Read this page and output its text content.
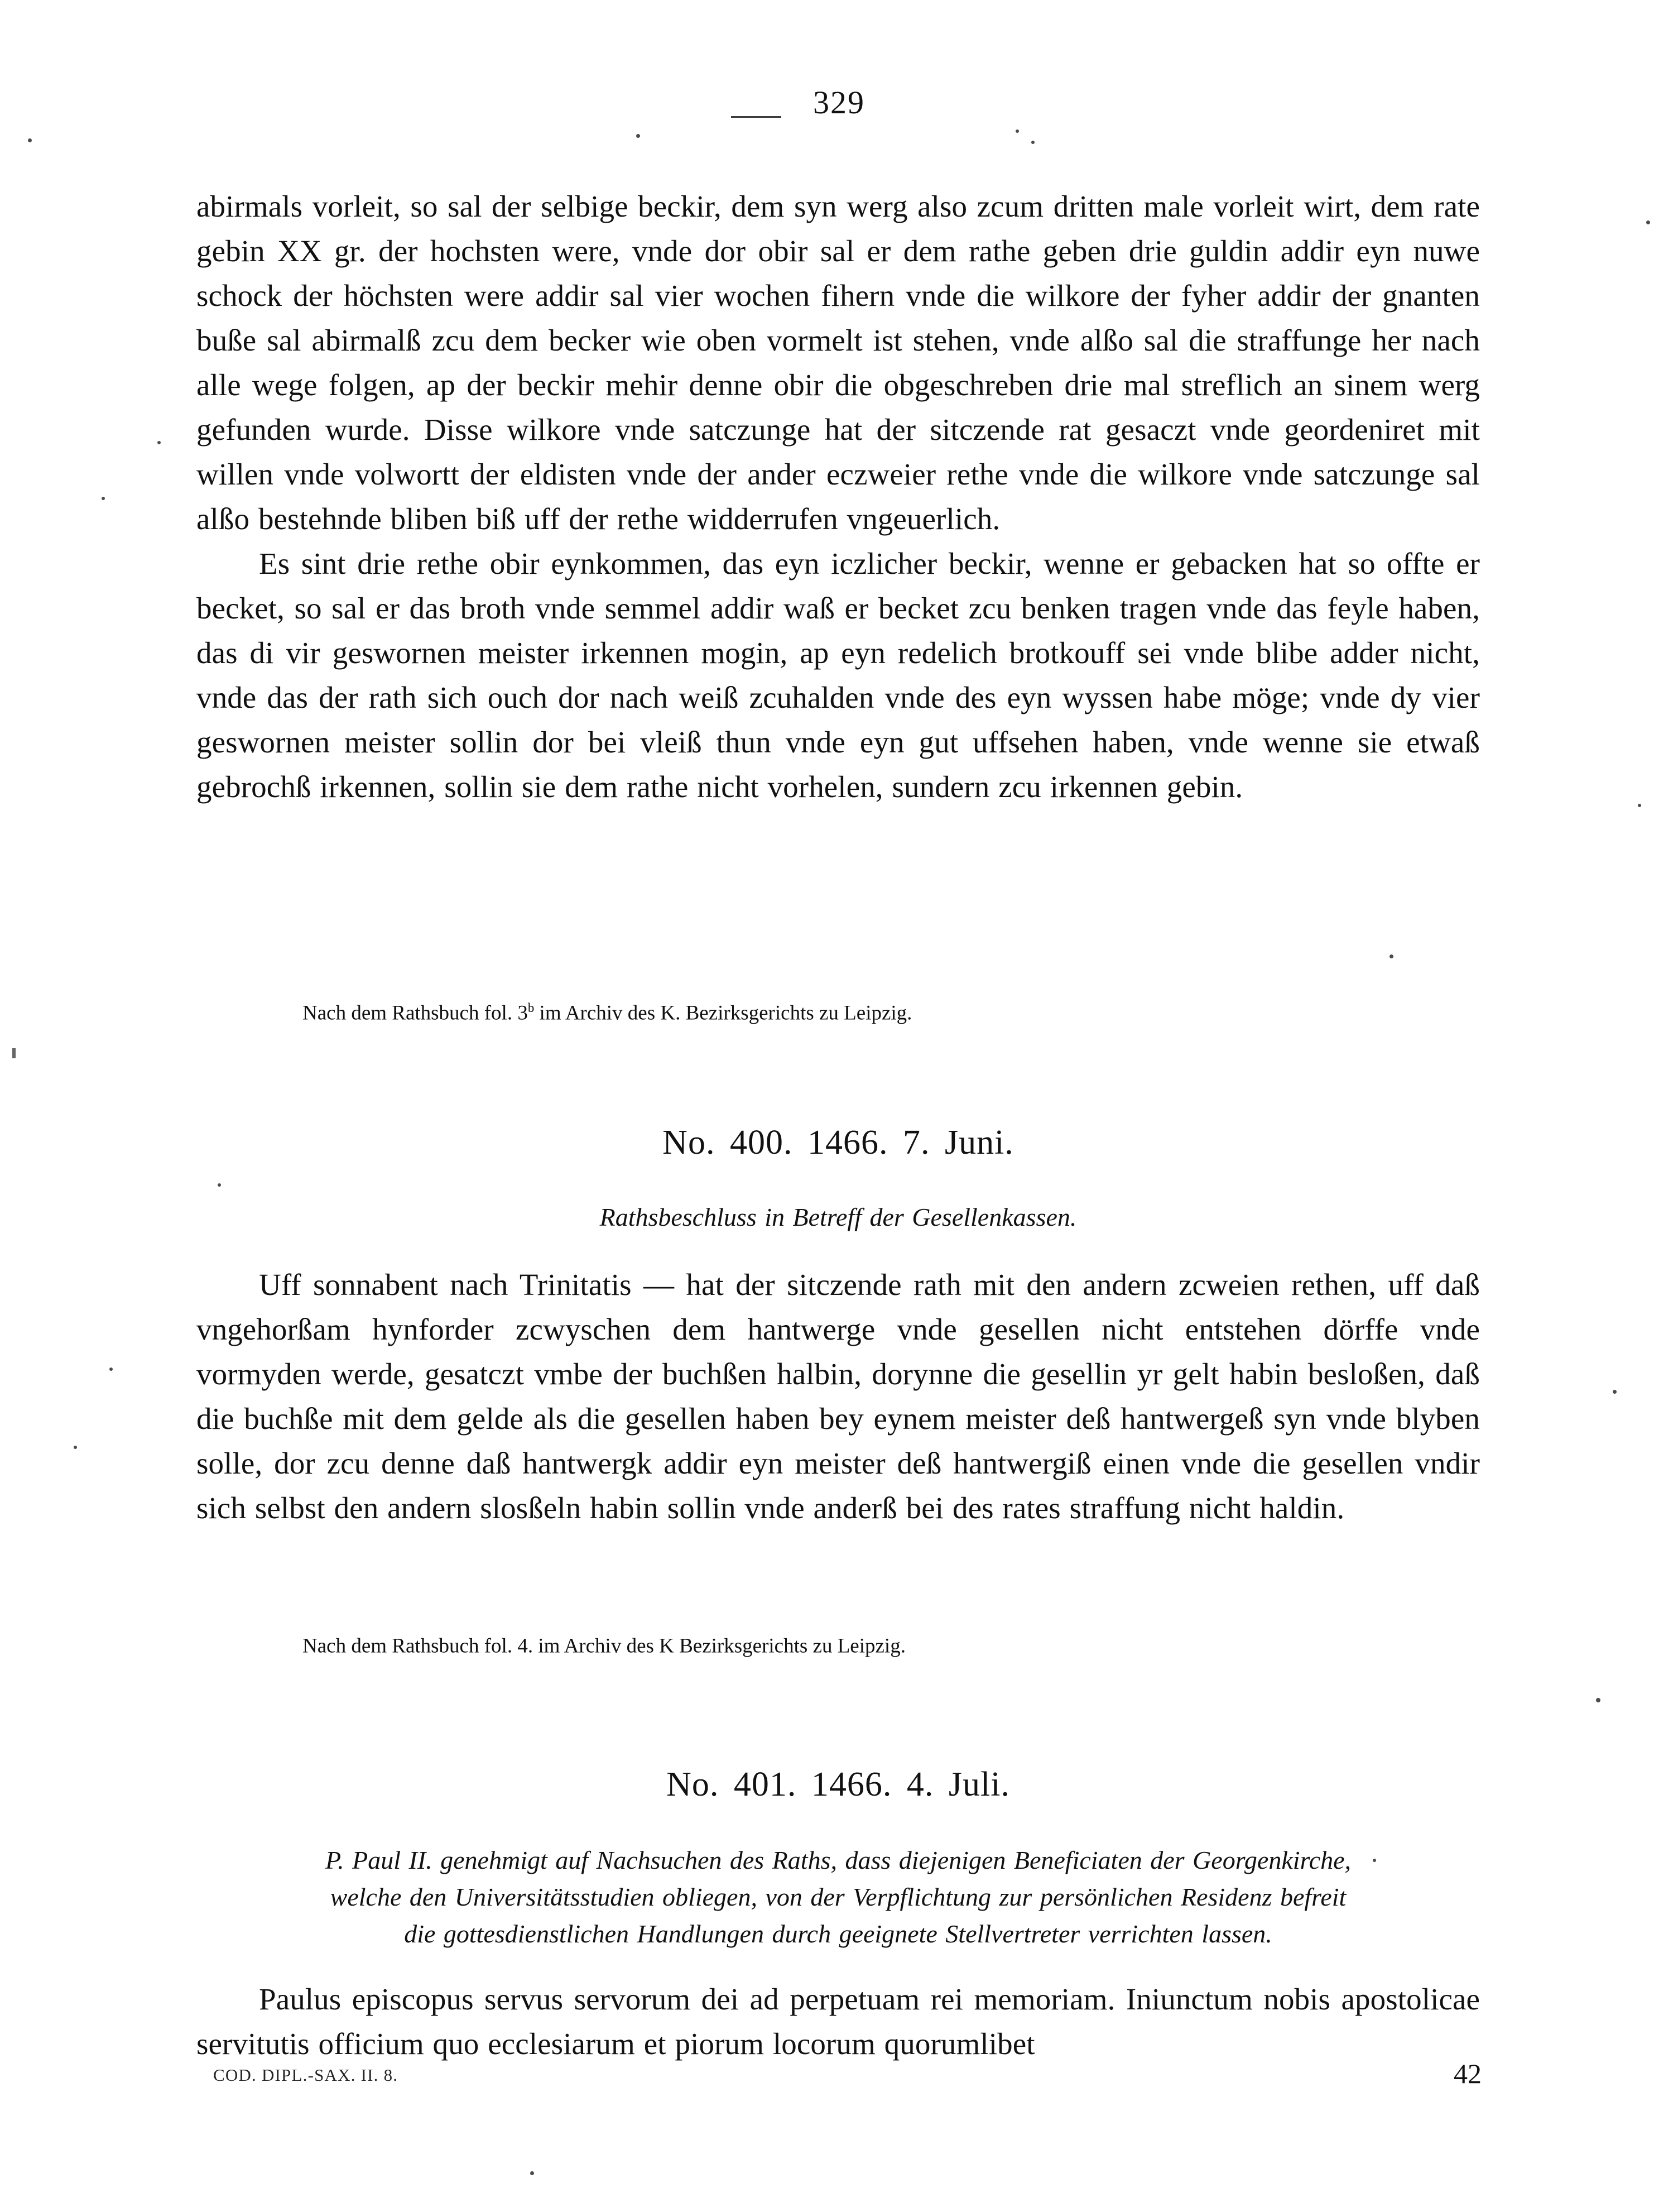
329

abirmals vorleit, so sal der selbige beckir, dem syn werg also zcum dritten male vorleit wirt, dem rate gebin XX gr. der hochsten were, vnde dor obir sal er dem rathe geben drie guldin addir eyn nuwe schock der höchsten were addir sal vier wochen fihern vnde die wilkore der fyher addir der gnanten buße sal abirmalß zcu dem becker wie oben vormelt ist stehen, vnde alßo sal die straffunge her nach alle wege folgen, ap der beckir mehir denne obir die obgeschreben drie mal streflich an sinem werg gefunden wurde. Disse wilkore vnde satczunge hat der sitczende rat gesaczt vnde geordeniret mit willen vnde volwortt der eldisten vnde der ander eczweier rethe vnde die wilkore vnde satczunge sal alßo bestehnde bliben biß uff der rethe widderrufen vngeuerlich.

Es sint drie rethe obir eynkommen, das eyn iczlicher beckir, wenne er gebacken hat so offte er becket, so sal er das broth vnde semmel addir waß er becket zcu benken tragen vnde das feyle haben, das di vir geswornen meister irkennen mogin, ap eyn redelich brotkouff sei vnde blibe adder nicht, vnde das der rath sich ouch dor nach weiß zcuhalden vnde des eyn wyssen habe möge; vnde dy vier geswornen meister sollin dor bei vleiß thun vnde eyn gut uffsehen haben, vnde wenne sie etwaß gebrochß irkennen, sollin sie dem rathe nicht vorhelen, sundern zcu irkennen gebin.

Nach dem Rathsbuch fol. 3$^b$ im Archiv des K. Bezirksgerichts zu Leipzig.

No. 400. 1466. 7. Juni.

Rathsbeschluss in Betreff der Gesellenkassen.

Uff sonnabent nach Trinitatis — hat der sitczende rath mit den andern zcweien rethen, uff daß vngehorßam hynforder zcwyschen dem hantwerge vnde gesellen nicht entstehen dörffe vnde vormyden werde, gesatczt vmbe der buchßen halbin, dorynne die gesellin yr gelt habin besloßen, daß die buchße mit dem gelde als die gesellen haben bey eynem meister deß hantwergeß syn vnde blyben solle, dor zcu denne daß hantwergk addir eyn meister deß hantwergiß einen vnde die gesellen vndir sich selbst den andern slosßeln habin sollin vnde anderß bei des rates straffung nicht haldin.

Nach dem Rathsbuch fol. 4. im Archiv des K Bezirksgerichts zu Leipzig.

No. 401. 1466. 4. Juli.

P. Paul II. genehmigt auf Nachsuchen des Raths, dass diejenigen Beneficiaten der Georgenkirche,

welche den Universitätsstudien obliegen, von der Verpflichtung zur persönlichen Residenz befreit

die gottesdienstlichen Handlungen durch geeignete Stellvertreter verrichten lassen.

Paulus episcopus servus servorum dei ad perpetuam rei memoriam. Iniunctum nobis apostolicae servitutis officium quo ecclesiarum et piorum locorum quorumlibet

COD. DIPL.-SAX. II. 8.	42
